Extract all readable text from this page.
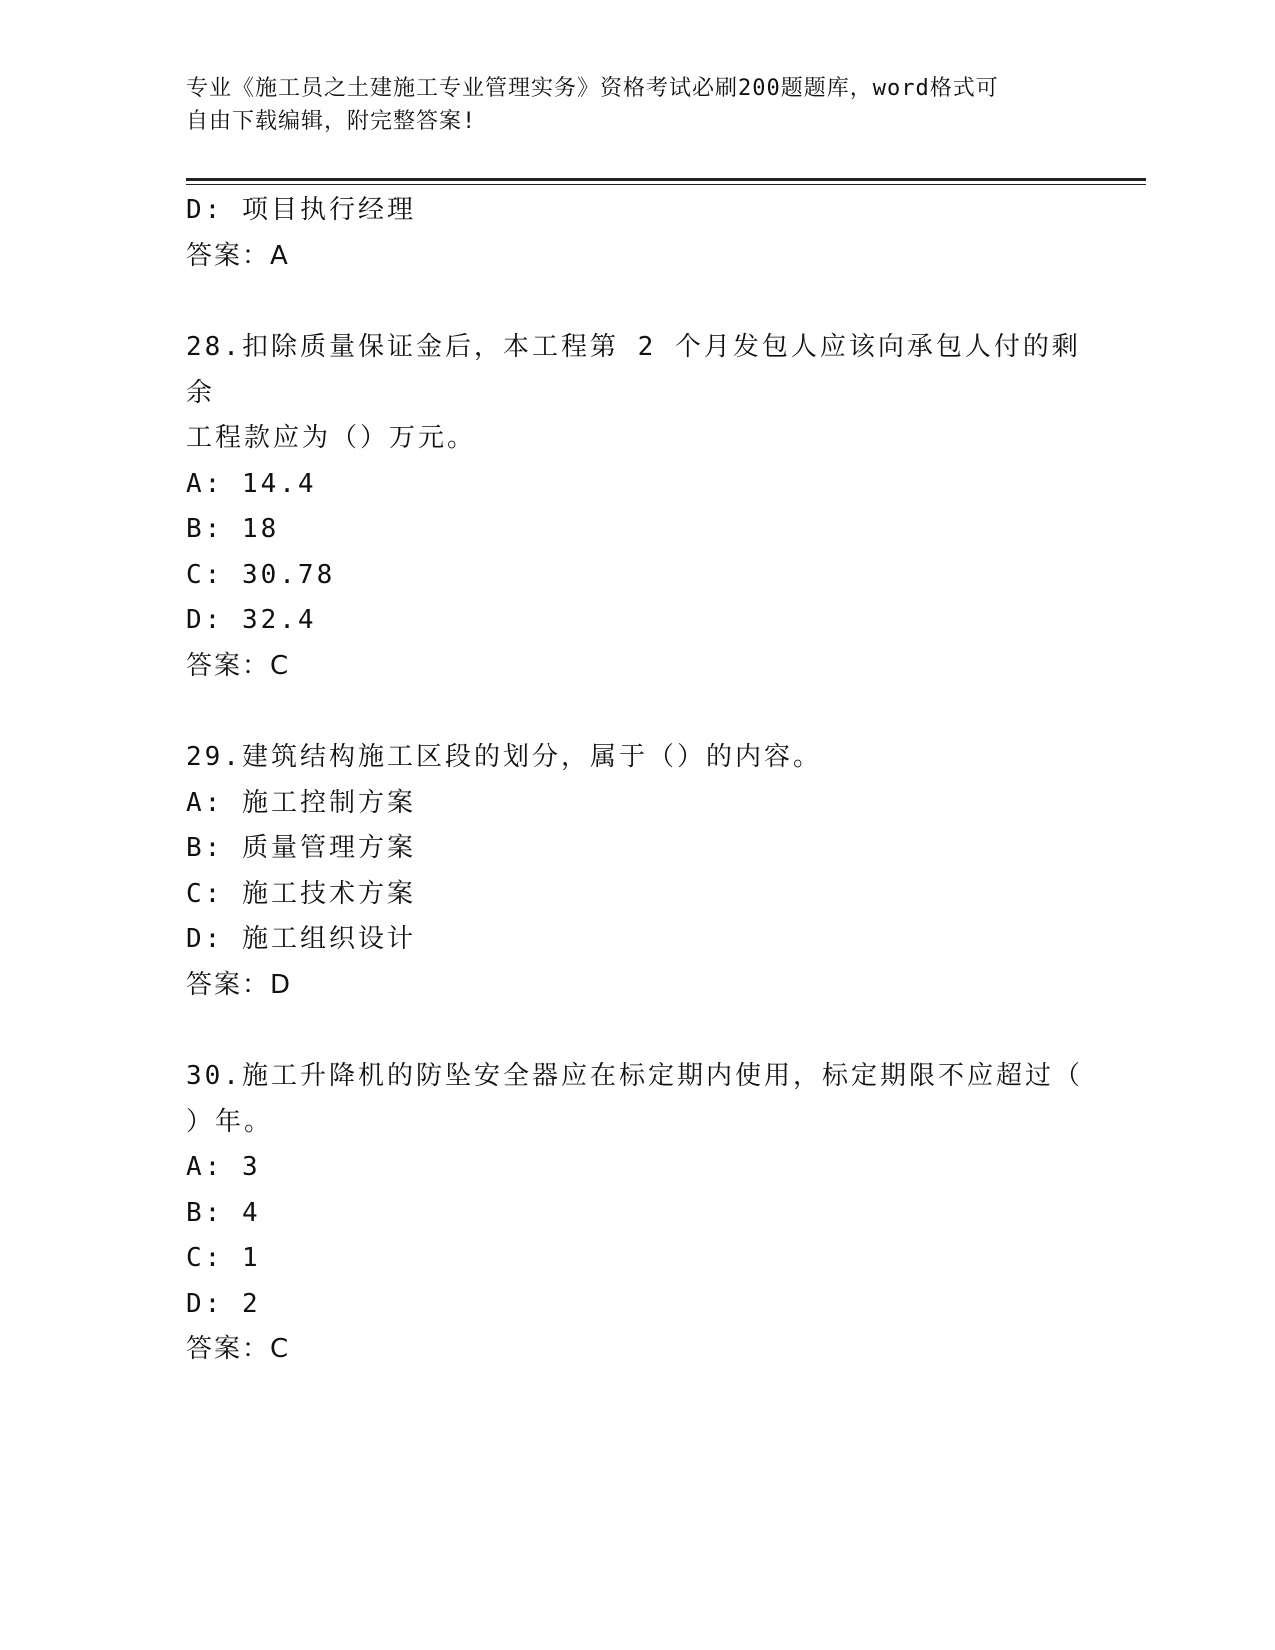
专业《施工员之土建施工专业管理实务》资格考试必刷200题题库，word格式可
自由下载编辑，附完整答案!
D: 项目执行经理
答案：A
28.扣除质量保证金后，本工程第 2 个月发包人应该向承包人付的剩余
工程款应为（）万元。
A: 14.4
B: 18
C: 30.78
D: 32.4
答案：C
29.建筑结构施工区段的划分，属于（）的内容。
A: 施工控制方案
B: 质量管理方案
C: 施工技术方案
D: 施工组织设计
答案：D
30.施工升降机的防坠安全器应在标定期内使用，标定期限不应超过（
）年。
A: 3
B: 4
C: 1
D: 2
答案：C
